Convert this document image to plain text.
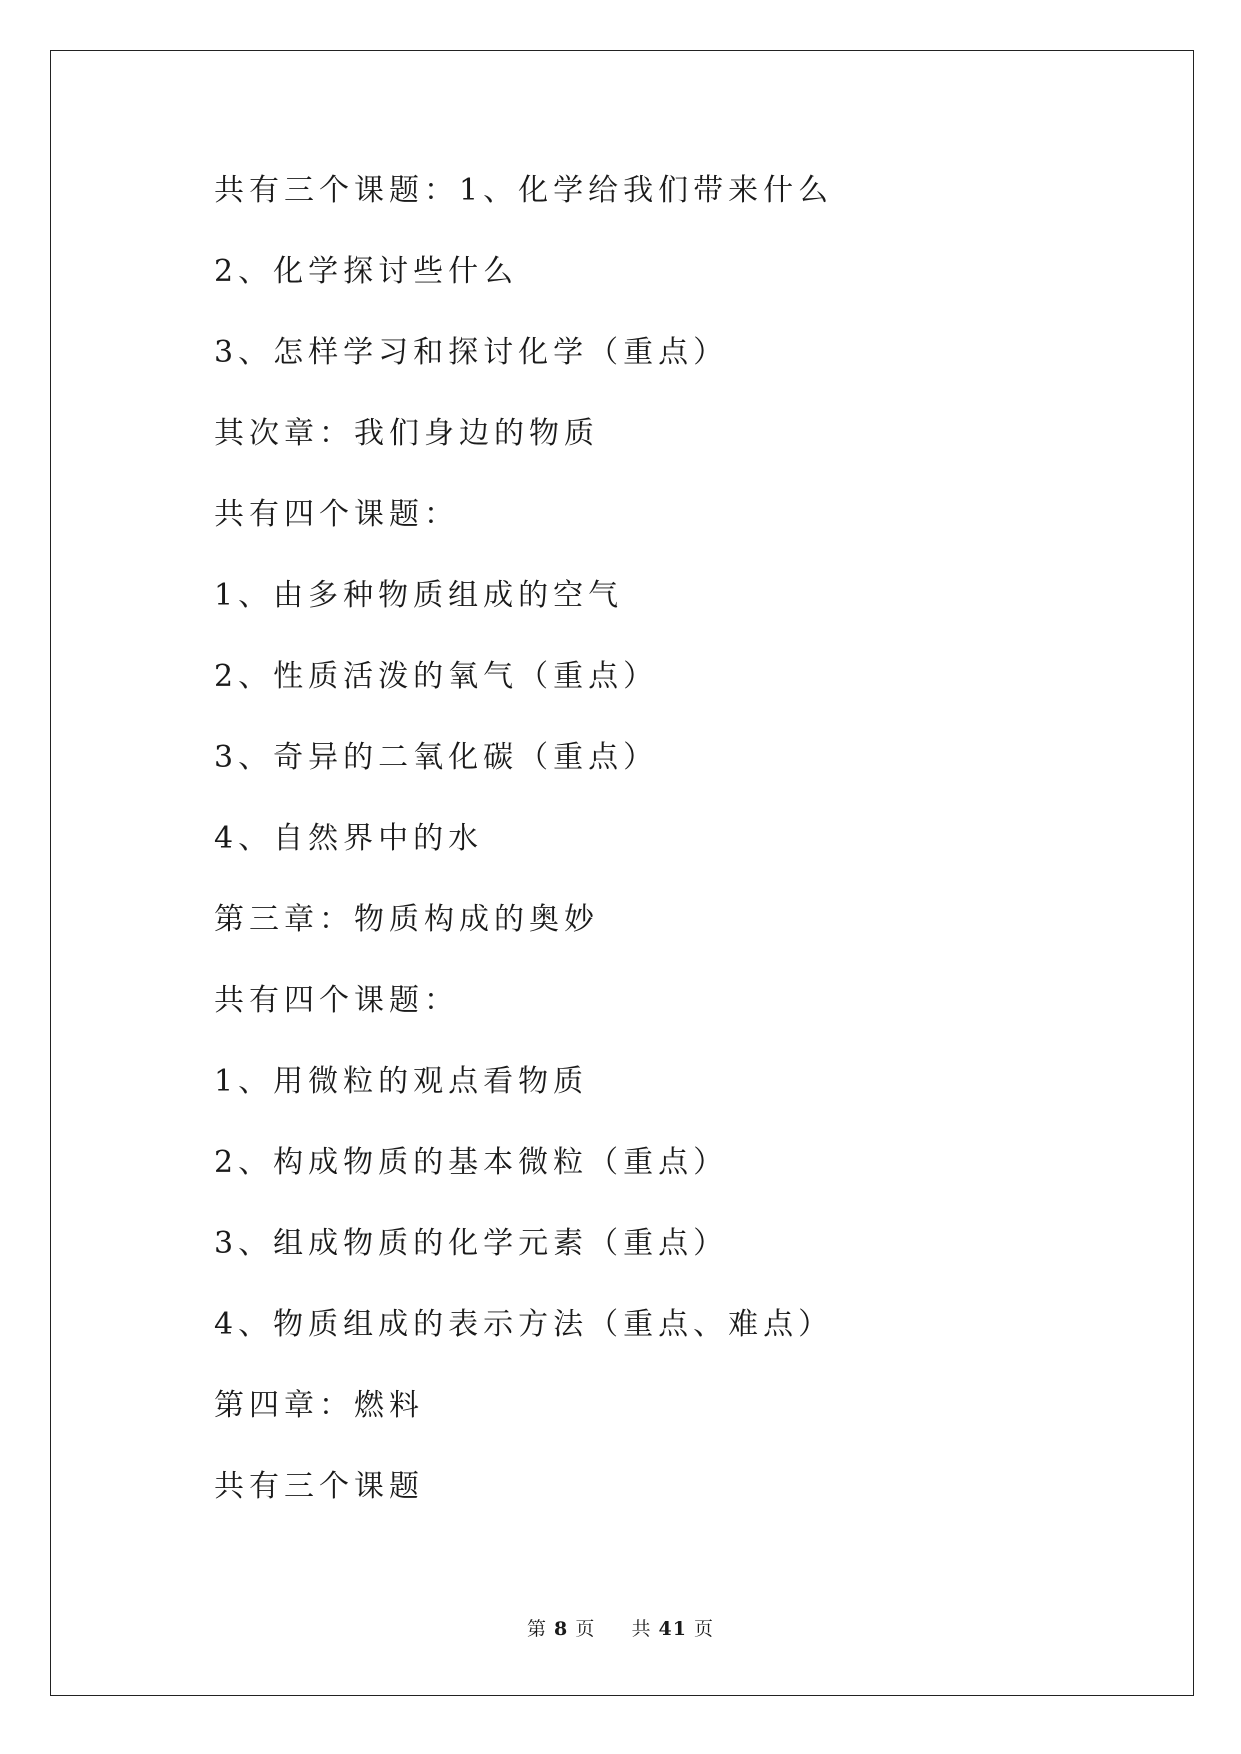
共有三个课题：1、化学给我们带来什么
2、化学探讨些什么
3、怎样学习和探讨化学（重点）
其次章：我们身边的物质
共有四个课题：
1、由多种物质组成的空气
2、性质活泼的氧气（重点）
3、奇异的二氧化碳（重点）
4、自然界中的水
第三章：物质构成的奥妙
共有四个课题：
1、用微粒的观点看物质
2、构成物质的基本微粒（重点）
3、组成物质的化学元素（重点）
4、物质组成的表示方法（重点、难点）
第四章：燃料
共有三个课题
第 8 页 共 41 页
